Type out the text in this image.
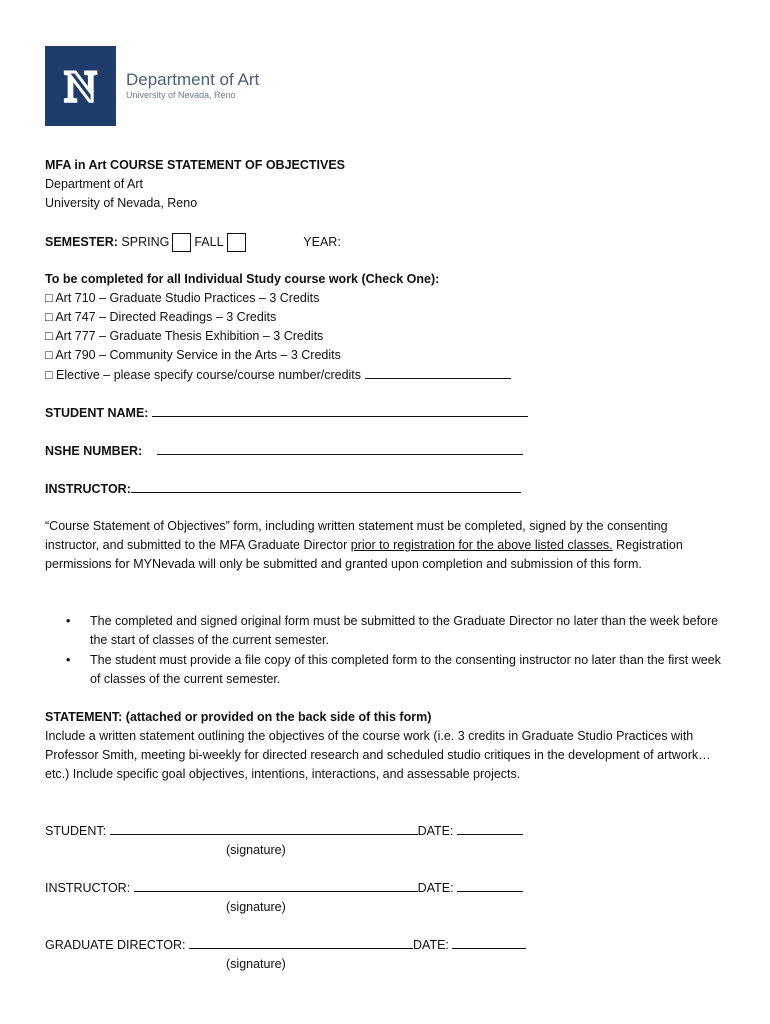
N Department of Art
University of Nevada, Reno
MFA in Art COURSE STATEMENT OF OBJECTIVES
Department of Art
University of Nevada, Reno
SEMESTER: SPRING FALL	YEAR:
To be completed for all Individual Study course work (Check One):
□ Art 710 – Graduate Studio Practices – 3 Credits
□ Art 747 – Directed Readings – 3 Credits
□ Art 777 – Graduate Thesis Exhibition – 3 Credits
□ Art 790 – Community Service in the Arts – 3 Credits
□ Elective – please specify course/course number/credits
STUDENT NAME:
NSHE NUMBER:
INSTRUCTOR:
“Course Statement of Objectives” form, including written statement must be completed, signed by the consenting instructor, and submitted to the MFA Graduate Director prior to registration for the above listed classes. Registration permissions for MYNevada will only be submitted and granted upon completion and submission of this form.
• The completed and signed original form must be submitted to the Graduate Director no later than the week before the start of classes of the current semester.
• The student must provide a file copy of this completed form to the consenting instructor no later than the first week of classes of the current semester.
STATEMENT: (attached or provided on the back side of this form)
Include a written statement outlining the objectives of the course work (i.e. 3 credits in Graduate Studio Practices with Professor Smith, meeting bi-weekly for directed research and scheduled studio critiques in the development of artwork…etc.) Include specific goal objectives, intentions, interactions, and assessable projects.
STUDENT:	DATE:
(signature)
INSTRUCTOR:	DATE:
(signature)
GRADUATE DIRECTOR:	DATE:
(signature)
